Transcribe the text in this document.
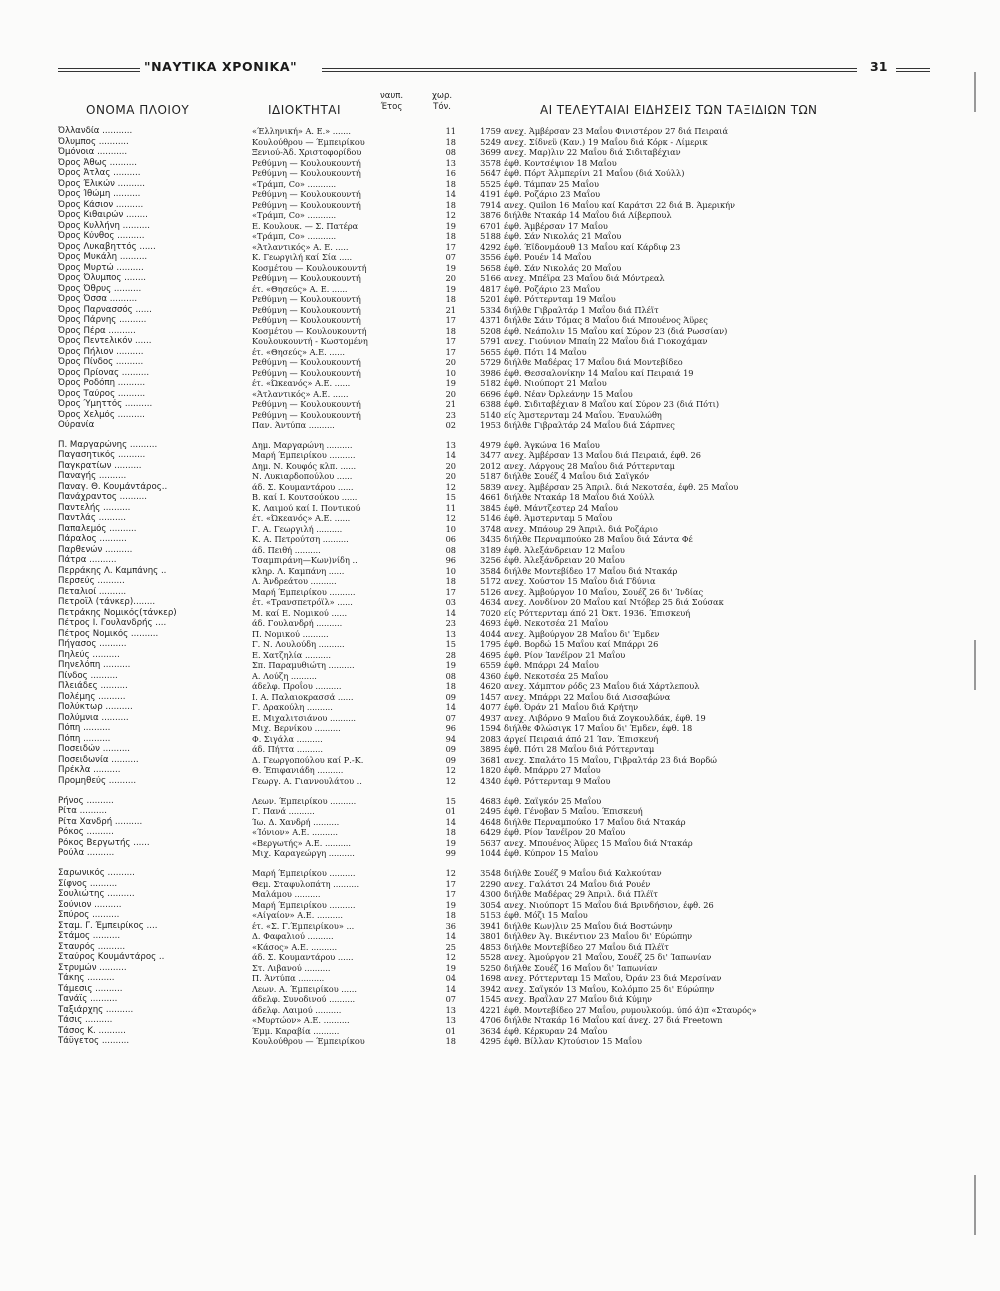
"ΝΑΥΤΙΚΑ ΧΡΟΝΙΚΑ"	31
ΟΝΟΜΑ ΠΛΟΙΟΥ	ΙΔΙΟΚΤΗΤΑΙ
ναυπ.
Έτος
χωρ.
Τόν.	ΑΙ ΤΕΛΕΥΤΑΙΑΙ ΕΙΔΗΣΕΙΣ ΤΩΝ ΤΑΞΙΔΙΩΝ ΤΩΝ
Όλλανδία ...........	«Έλληνική» Α. Ε.» .......	11	1759 ανεχ. Άμβέρσαν 23 Μαΐου Φινιστέρον 27 διά Πειραιά
Όλυμπος ...........	Κουλούθρου — Έμπειρίκου	18	5249 ανεχ. Σίδνεϋ (Καν.) 19 Μαΐου διά Κόρκ - Λίμερικ
Όμόνοια ...........	Ξενιού-Άδ. Χριστοφορίδου	08	3699 ανεχ. Μαρ)λιν 22 Μαΐου διά Σιδιταβέχιαν
Όρος Άθως ..........	Ρεθύμνη — Κουλουκουντή	13	3578 έφθ. Κοντσέψιον 18 Μαΐου
Όρος Άτλας ..........	Ρεθύμνη — Κουλουκουντή	16	5647 έφθ. Πόρτ Άλμπερίνι 21 Μαΐου (διά Χούλλ)
Όρος Έλικών ..........	«Τράμπ, Co» ...........	18	5525 έφθ. Τάμπαν 25 Μαΐου
Όρος Ίθώμη ..........	Ρεθύμνη — Κουλουκουντή	14	4191 έφθ. Ροζάριο 23 Μαΐου
Όρος Κάσιον ..........	Ρεθύμνη — Κουλουκουντή	18	7914 ανεχ. Quilon 16 Μαΐου καί Καράτσι 22 διά Β. Άμερικήν
Όρος Κιθαιρών ........	«Τράμπ, Co» ...........	12	3876 διήλθε Ντακάρ 14 Μαΐου διά Λίβερπουλ
Όρος Κυλλήνη ..........	Ε. Κουλουκ. — Σ. Πατέρα	19	6701 έφθ. Άμβέρσαν 17 Μαΐου
Όρος Κύνθος ..........	«Τράμπ, Co» ...........	18	5188 έφθ. Σάν Νικολάς 21 Μαΐου
Όρος Λυκαβηττός ......	«Άτλαντικός» Α. Ε. .....	17	4292 έφθ. Έϊδονμάουθ 13 Μαΐου καί Κάρδιφ 23
Όρος Μυκάλη ..........	Κ. Γεωργιλή καί Σία .....	07	3556 έφθ. Ρουέν 14 Μαΐου
Όρος Μυρτώ ..........	Κοσμέτου — Κουλουκουντή	19	5658 έφθ. Σάν Νικολάς 20 Μαΐου
Όρος Όλυμπος ........	Ρεθύμνη — Κουλουκουντή	20	5166 ανεχ. Μπέϊρα 23 Μαΐου διά Μόντρεαλ
Όρος Όθρυς ..........	έτ. «Θησεύς» Α. Ε. ......	19	4817 έφθ. Ροζάριο 23 Μαΐου
Όρος Όσσα ..........	Ρεθύμνη — Κουλουκουντή	18	5201 έφθ. Ρόττερνταμ 19 Μαΐου
Όρος Παρνασσός ......	Ρεθύμνη — Κουλουκουντή	21	5334 διήλθε Γιβραλτάρ 1 Μαΐου διά Πλέϊτ
Όρος Πάρνης ..........	Ρεθύμνη — Κουλουκουντή	17	4371 διήλθε Σάιν Τόμας 8 Μαΐου διά Μπουένος Άϋρες
Όρος Πέρα ..........	Κοσμέτου — Κουλουκουντή	18	5208 έφθ. Νεάπολιν 15 Μαΐου καί Σύρον 23 (διά Ρωσσίαν)
Όρος Πεντελικόν ......	Κουλουκουντή - Κωστομένη	17	5791 ανεχ. Γιούνιον Μπαίη 22 Μαΐου διά Γιοκοχάμαν
Όρος Πήλιον ..........	έτ. «Θησεύς» Α.Ε. ......	17	5655 έφθ. Πότι 14 Μαΐου
Όρος Πίνδος ..........	Ρεθύμνη — Κουλουκουντή	20	5729 διήλθε Μαδέρας 17 Μαΐου διά Μοντεβίδεο
Όρος Πρίονας ..........	Ρεθύμνη — Κουλουκουντή	10	3986 έφθ. Θεσσαλονίκην 14 Μαΐου καί Πειραιά 19
Όρος Ροδόπη ..........	έτ. «Ώκεανός» Α.Ε. ......	19	5182 έφθ. Νιούπορτ 21 Μαΐου
Όρος Ταύρος ..........	«Άτλαντικός» Α.Ε. ......	20	6696 έφθ. Νέαν Όρλεάνην 15 Μαΐου
Όρος Ύμηττός ..........	Ρεθύμνη — Κουλουκουντή	21	6388 έφθ. Σιδιταβέχιαν 8 Μαΐου καί Σύρον 23 (διά Πότι)
Όρος Χελμός ..........	Ρεθύμνη — Κουλουκουντή	23	5140 είς Άμστερνταμ 24 Μαΐου. Έναυλώθη
Ούρανία	Παν. Άντύπα ..........	02	1953 διήλθε Γιβραλτάρ 24 Μαΐου διά Σάρπνες
Π. Μαργαρώνης ..........	Δημ. Μαργαρώνη ..........	13	4979 έφθ. Άγκώνα 16 Μαΐου
Παγασητικός ..........	Μαρή Έμπειρίκου ..........	14	3477 ανεχ. Άμβέρσαν 13 Μαΐου διά Πειραιά, έφθ. 26
Παγκρατίων ..........	Δημ. Ν. Κουφός κλπ. ......	20	2012 ανεχ. Λάργους 28 Μαΐου διά Ρόττερνταμ
Παναγής ..........	Ν. Λυκιαρδοπούλου ......	20	5187 διήλθε Σουέζ 4 Μαΐου διά Σαϊγκόν
Παναγ. Θ. Κουμάντάρος..	άδ. Σ. Κουμαντάρου ......	12	5839 ανεχ. Άμβέρσαν 25 Άπριλ. διά Νεκοτσέα, έφθ. 25 Μαΐου
Πανάχραντος ..........	Β. καί Ι. Κουτσούκου ......	15	4661 διήλθε Ντακάρ 18 Μαΐου διά Χούλλ
Παντελής ..........	Κ. Λαιμού καί Ι. Ποντικού	11	3845 έφθ. Μάντζεστερ 24 Μαΐου
Παντλάς ..........	έτ. «Ώκεανός» Α.Ε. ......	12	5146 έφθ. Άμστερνταμ 5 Μαΐου
Παπαλεμός ..........	Γ. Α. Γεωργιλή ..........	10	3748 ανεχ. Μπάουρ 29 Άπριλ. διά Ροζάριο
Πάραλος ..........	Κ. Α. Πετρούτση ..........	06	3435 διήλθε Περναμπούκο 28 Μαΐου διά Σάντα Φέ
Παρθενών ..........	άδ. Πειθή ..........	08	3189 έφθ. Άλεξάνδρειαν 12 Μαΐου
Πάτρα ..........	Τσαμπιράνη—Κων)νίδη ..	96	3256 έφθ. Άλεξάνδρειαν 20 Μαΐου
Περράκης Λ. Καμπάνης ..	κληρ. Λ. Καμπάνη ......	10	3584 διήλθε Μοντεβίδεο 17 Μαΐου διά Ντακάρ
Περσεύς ..........	Λ. Άνδρεάτου ..........	18	5172 ανεχ. Χούστον 15 Μαΐου διά Γδύνια
Πεταλιοί ..........	Μαρή Έμπειρίκου ..........	17	5126 ανεχ. Άμβούργον 10 Μαΐου, Σουέζ 26 δι' Ίνδίας
Πετροΐλ (τάνκερ)........	έτ. «Τρανσπετρόϊλ» ......	03	4634 ανεχ. Λονδίνον 20 Μαΐου καί Ντόβερ 25 διά Σούσακ
Πετράκης Νομικός(τάνκερ)	Μ. καί Ε. Νομικού ......	14	7020 είς Ρόττερνταμ άπό 21 Όκτ. 1936. Έπισκευή
Πέτρος Ι. Γουλανδρής ....	άδ. Γουλανδρή ..........	23	4693 έφθ. Νεκοτσέα 21 Μαΐου
Πέτρος Νομικός ..........	Π. Νομικού ..........	13	4044 ανεχ. Άμβούργον 28 Μαΐου δι' Έμδεν
Πήγασος ..........	Γ. Ν. Λουλούδη ..........	15	1795 έφθ. Βορδώ 15 Μαΐου καί Μπάρρι 26
Πηλεύς ..........	Ε. Χατζηλία ..........	28	4695 έφθ. Ρίον Ίανέϊρον 21 Μαΐου
Πηνελόπη ..........	Σπ. Παραμυθιώτη ..........	19	6559 έφθ. Μπάρρι 24 Μαΐου
Πίνδος ..........	Α. Λούζη ..........	08	4360 έφθ. Νεκοτσέα 25 Μαΐου
Πλειάδες ..........	άδελφ. Προΐου ..........	18	4620 ανεχ. Χάμπτον ρόδς 23 Μαΐου διά Χάρτλεπουλ
Πολέμης ..........	Ι. Α. Παλαιοκρασσά ......	09	1457 ανεχ. Μπάρρι 22 Μαΐου διά Λισσαβώνα
Πολύκτωρ ..........	Γ. Δρακούλη ..........	14	4077 έφθ. Όράν 21 Μαΐου διά Κρήτην
Πολύμνια ..........	Ε. Μιχαλιτσιάνου ..........	07	4937 ανεχ. Λιβόρνο 9 Μαΐου διά Ζογκουλδάκ, έφθ. 19
Πόπη ..........	Μιχ. Βερνίκου ..........	96	1594 διήλθε Φλώσιγκ 17 Μαΐου δι' Έμδεν, έφθ. 18
Πόπη ..........	Φ. Σιγάλα ..........	94	2083 άργεί Πειραιά άπό 21 Ίαν. Έπισκευή
Ποσειδών ..........	άδ. Πήττα ..........	09	3895 έφθ. Πότι 28 Μαΐου διά Ρόττερνταμ
Ποσειδωνία ..........	Δ. Γεωργοπούλου καί Ρ.-Κ.	09	3681 ανεχ. Σπαλάτο 15 Μαΐου, Γιβραλτάρ 23 διά Βορδώ
Πρέκλα ..........	Θ. Έπιφανιάδη ..........	12	1820 έφθ. Μπάρρυ 27 Μαΐου
Προμηθεύς ..........	Γεωργ. Α. Γιαννουλάτου ..	12	4340 έφθ. Ρόττερνταμ 9 Μαΐου
Ρήνος ..........	Λεων. Έμπειρίκου ..........	15	4683 έφθ. Σαϊγκόν 25 Μαΐου
Ρίτα ..........	Γ. Πανά ..........	01	2495 έφθ. Γένοβαν 5 Μαΐου. Έπισκευή
Ρίτα Χανδρή ..........	Ίω. Δ. Χανδρή ..........	14	4648 διήλθε Περναμπούκο 17 Μαΐου διά Ντακάρ
Ρόκος ..........	«Ίόνιον» Α.Ε. ..........	18	6429 έφθ. Ρίον Ίανέϊρον 20 Μαΐου
Ρόκος Βεργωτής ......	«Βεργωτής» Α.Ε. ..........	19	5637 ανεχ. Μπουένος Άϋρες 15 Μαΐου διά Ντακάρ
Ρούλα ..........	Μιχ. Καραγεώργη ..........	99	1044 έφθ. Κύπρον 15 Μαΐου
Σαρωνικός ..........	Μαρή Έμπειρίκου ..........	12	3548 διήλθε Σουέζ 9 Μαΐου διά Καλκούταν
Σίφνος ..........	Θεμ. Σταφυλοπάτη ..........	17	2290 ανεχ. Γαλάτσι 24 Μαΐου διά Ρουέν
Σουλιώτης ..........	Μαλάμου ..........	17	4300 διήλθε Μαδέρας 29 Άπριλ. διά Πλέϊτ
Σούνιον ..........	Μαρή Έμπειρίκου ..........	19	3054 ανεχ. Νιούπορτ 15 Μαΐου διά Βρινδήσιον, έφθ. 26
Σπύρος ..........	«Αίγαίον» Α.Ε. ..........	18	5153 έφθ. Μόζι 15 Μαΐου
Σταμ. Γ. Έμπειρίκος ....	έτ. «Σ. Γ.Έμπειρίκου» ...	36	3941 διήλθε Κων)λιν 25 Μαΐου διά Βοστώνην
Στάμος ..........	Δ. Φαφαλιού ..........	14	3801 διήλθεν Άγ. Βικέντιον 23 Μαΐου δι' Εύρώπην
Σταυρός ..........	«Κάσος» Α.Ε. ..........	25	4853 διήλθε Μοντεβίδεο 27 Μαΐου διά Πλέϊτ
Σταύρος Κουμάντάρος ..	άδ. Σ. Κουμαντάρου ......	12	5528 ανεχ. Άμούργον 21 Μαΐου, Σουέζ 25 δι' Ίαπωνίαν
Στρυμών ..........	Στ. Λιβανού ..........	19	5250 διήλθε Σουέζ 16 Μαΐου δι' Ίαπωνίαν
Τάκης ..........	Π. Άντύπα ..........	04	1698 ανεχ. Ρόττερνταμ 15 Μαΐου, Όράν 23 διά Μερσίναν
Τάμεσις ..........	Λεων. Α. Έμπειρίκου ......	14	3942 ανεχ. Σαϊγκόν 13 Μαΐου, Κολόμπο 25 δι' Εύρώπην
Τανάϊς ..........	άδελφ. Συνοδινού ..........	07	1545 ανεχ. Βραΐλαν 27 Μαΐου διά Κύμην
Ταξιάρχης ..........	άδελφ. Λαιμού ..........	13	4221 έφθ. Μοντεβίδεο 27 Μαΐου, ρυμουλκούμ. ύπό ά)π «Σταυρός»
Τάσις ..........	«Μυρτώον» Α.Ε. ..........	13	4706 διήλθε Ντακάρ 16 Μαΐου καί άνεχ. 27 διά Freetown
Τάσος Κ. ..........	Έμμ. Καραβία ..........	01	3634 έφθ. Κέρκυραν 24 Μαΐου
Τάϋγετος ..........	Κουλούθρου — Έμπειρίκου	18	4295 έφθ. Βίλλαν Κ)τούσιον 15 Μαΐου
